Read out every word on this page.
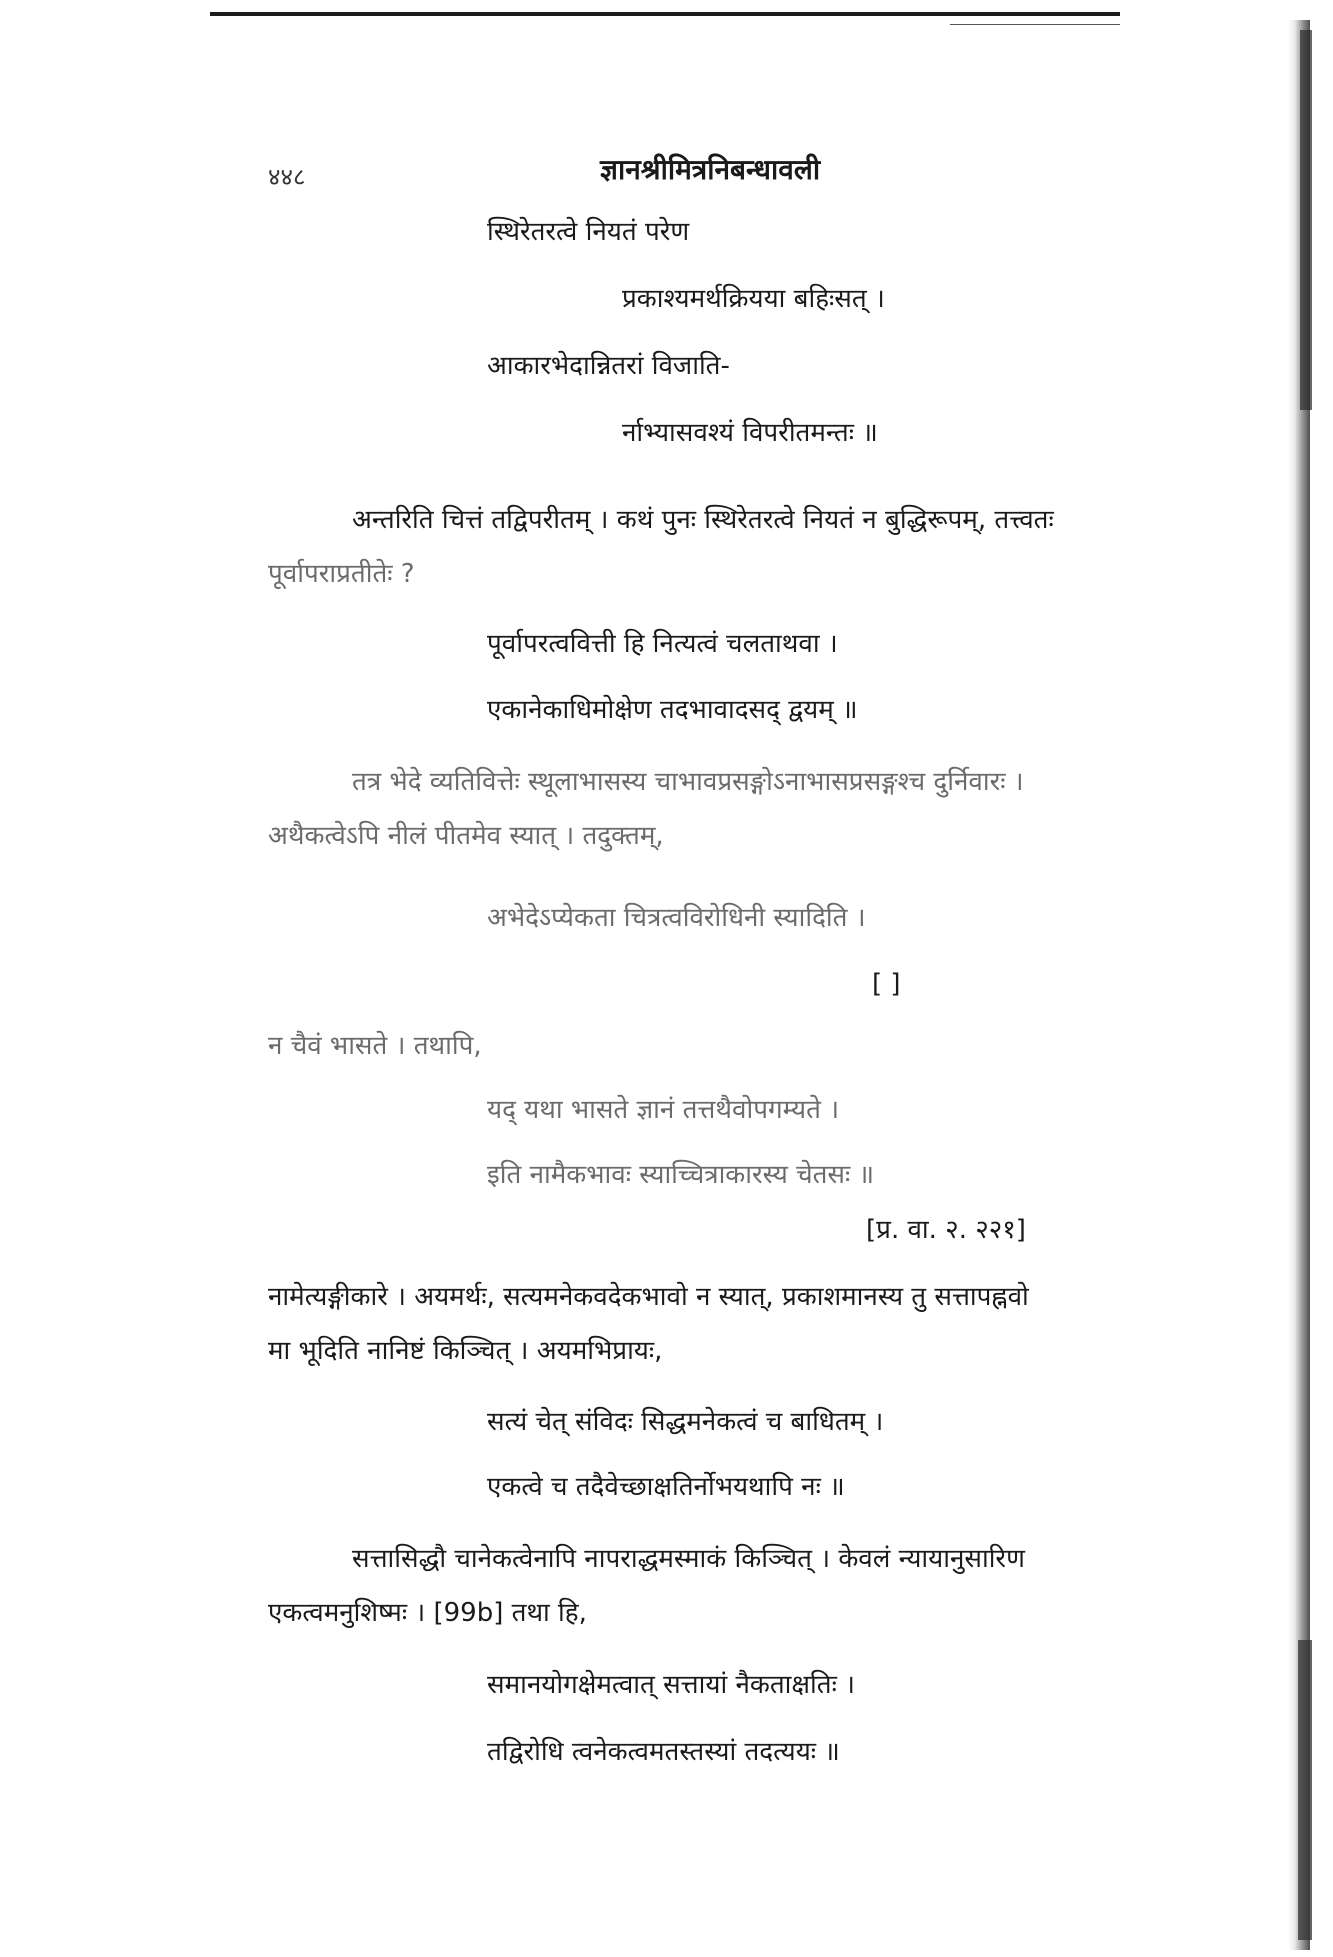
४४८	ज्ञानश्रीमित्रनिबन्धावली
स्थिरेतरत्वे नियतं परेण
प्रकाश्यमर्थक्रियया बहिःसत् ।
आकारभेदान्नितरां विजाति-
र्नाभ्यासवश्यं विपरीतमन्तः ॥
अन्तरिति चित्तं तद्विपरीतम् । कथं पुनः स्थिरेतरत्वे नियतं न बुद्धिरूपम्, तत्त्वतः
पूर्वापराप्रतीतेः ?
पूर्वापरत्ववित्ती हि नित्यत्वं चलताथवा ।
एकानेकाधिमोक्षेण तदभावादसद् द्वयम् ॥
तत्र भेदे व्यतिवित्तेः स्थूलाभासस्य चाभावप्रसङ्गोऽनाभासप्रसङ्गश्च दुर्निवारः ।
अथैकत्वेऽपि नीलं पीतमेव स्यात् । तदुक्तम्,
अभेदेऽप्येकता चित्रत्वविरोधिनी स्यादिति ।
[ ]
न चैवं भासते । तथापि,
यद् यथा भासते ज्ञानं तत्तथैवोपगम्यते ।
इति नामैकभावः स्याच्चित्राकारस्य चेतसः ॥
[प्र. वा. २. २२१]
नामेत्यङ्गीकारे । अयमर्थः, सत्यमनेकवदेकभावो न स्यात्, प्रकाशमानस्य तु सत्तापह्नवो
मा भूदिति नानिष्टं किञ्चित् । अयमभिप्रायः,
सत्यं चेत् संविदः सिद्धमनेकत्वं च बाधितम् ।
एकत्वे च तदैवेच्छाक्षतिर्नोभयथापि नः ॥
सत्तासिद्धौ चानेकत्वेनापि नापराद्धमस्माकं किञ्चित् । केवलं न्यायानुसारिण
एकत्वमनुशिष्मः । [99b] तथा हि,
समानयोगक्षेमत्वात् सत्तायां नैकताक्षतिः ।
तद्विरोधि त्वनेकत्वमतस्तस्यां तदत्ययः ॥
